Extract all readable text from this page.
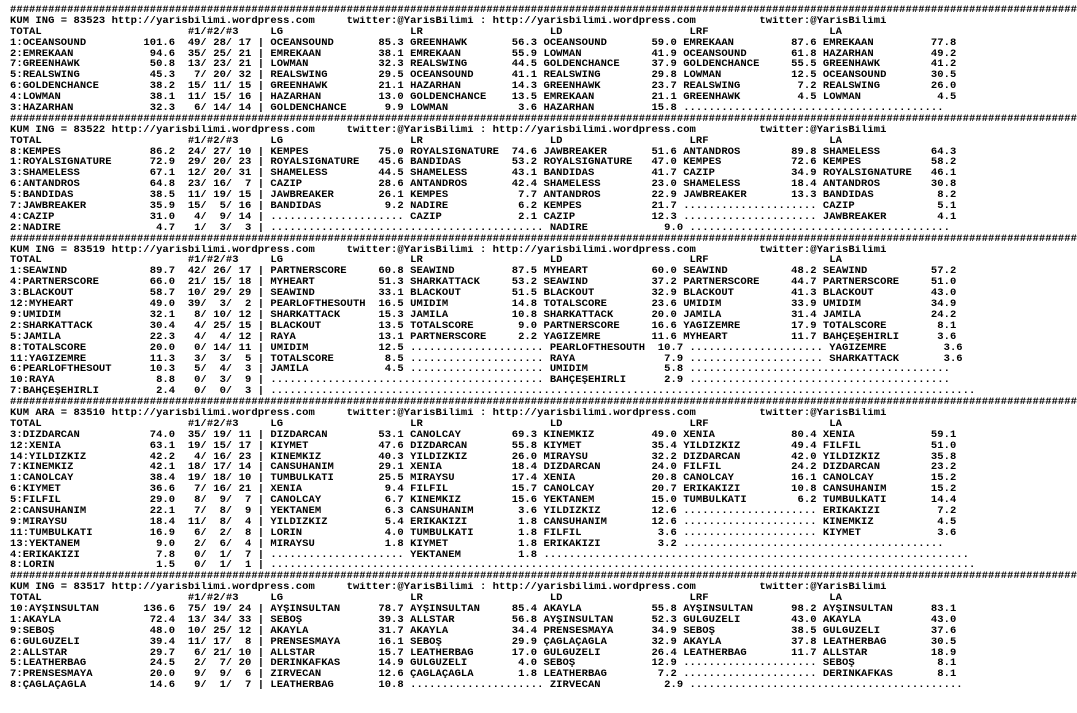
########################################################################################################################################################################
KUM ING = 83523 http://yarisbilimi.wordpress.com     twitter:@YarisBilimi : http://yarisbilimi.wordpress.com          twitter:@YarisBilimi
TOTAL                       #1/#2/#3     LG                    LR                    LD                    LRF                   LA
1:OCEANSOUND         101.6  49/ 28/ 17 | OCEANSOUND       85.3 GREENHAWK       56.3 OCEANSOUND       59.0 EMREKAAN         87.6 EMREKAAN         77.8
2:EMREKAAN            94.6  35/ 25/ 21 | EMREKAAN         38.1 EMREKAAN        55.9 LOWMAN           41.9 OCEANSOUND       61.8 HAZARHAN         49.2
7:GREENHAWK           50.8  13/ 23/ 21 | LOWMAN           32.3 REALSWING       44.5 GOLDENCHANCE     37.9 GOLDENCHANCE     55.5 GREENHAWK        41.2
5:REALSWING           45.3   7/ 20/ 32 | REALSWING        29.5 OCEANSOUND      41.1 REALSWING        29.8 LOWMAN           12.5 OCEANSOUND       30.5
6:GOLDENCHANCE        38.2  15/ 11/ 15 | GREENHAWK        21.1 HAZARHAN        14.3 GREENHAWK        23.7 REALSWING         7.2 REALSWING        26.0
4:LOWMAN              38.1  11/ 15/ 16 | HAZARHAN         13.0 GOLDENCHANCE    13.5 EMREKAAN         21.1 GREENHAWK         4.5 LOWMAN            4.5
3:HAZARHAN            32.3   6/ 14/ 14 | GOLDENCHANCE      9.9 LOWMAN           3.6 HAZARHAN         15.8 .........................................
########################################################################################################################################################################
KUM ING = 83522 http://yarisbilimi.wordpress.com     twitter:@YarisBilimi : http://yarisbilimi.wordpress.com          twitter:@YarisBilimi
TOTAL                       #1/#2/#3     LG                    LR                    LD                    LRF                   LA
8:KEMPES              86.2  24/ 27/ 10 | KEMPES           75.0 ROYALSIGNATURE  74.6 JAWBREAKER       51.6 ANTANDROS        89.8 SHAMELESS        64.3
1:ROYALSIGNATURE      72.9  29/ 20/ 23 | ROYALSIGNATURE   45.6 BANDIDAS        53.2 ROYALSIGNATURE   47.0 KEMPES           72.6 KEMPES           58.2
3:SHAMELESS           67.1  12/ 20/ 31 | SHAMELESS        44.5 SHAMELESS       43.1 BANDIDAS         41.7 CAZIP            34.9 ROYALSIGNATURE   46.1
6:ANTANDROS           64.8  23/ 16/  7 | CAZIP            28.6 ANTANDROS       42.4 SHAMELESS        23.0 SHAMELESS        18.4 ANTANDROS        30.8
5:BANDIDAS            38.5  11/ 19/ 15 | JAWBREAKER       26.1 KEMPES           7.7 ANTANDROS        22.9 JAWBREAKER       13.3 BANDIDAS          8.2
7:JAWBREAKER          35.9  15/  5/ 16 | BANDIDAS          9.2 NADİRE           6.2 KEMPES           21.7 ..................... CAZIP             5.1
4:CAZIP               31.0   4/  9/ 14 | ..................... CAZIP            2.1 CAZIP            12.3 ..................... JAWBREAKER        4.1
2:NADİRE               4.7   1/  3/  3 | ........................................... NADİRE            9.0 .........................................
########################################################################################################################################################################
KUM ING = 83519 http://yarisbilimi.wordpress.com     twitter:@YarisBilimi : http://yarisbilimi.wordpress.com          twitter:@YarisBilimi
TOTAL                       #1/#2/#3     LG                    LR                    LD                    LRF                   LA
1:SEAWIND             89.7  42/ 26/ 17 | PARTNERSCORE     60.8 SEAWIND         87.5 MYHEART          60.0 SEAWIND          48.2 SEAWIND          57.2
4:PARTNERSCORE        66.0  21/ 15/ 18 | MYHEART          51.3 SHARKATTACK     53.2 SEAWIND          37.2 PARTNERSCORE     44.7 PARTNERSCORE     51.0
3:BLACKOUT            58.7  10/ 29/ 29 | SEAWIND          33.1 BLACKOUT        51.5 BLACKOUT         32.9 BLACKOUT         41.3 BLACKOUT         43.0
12:MYHEART            49.0  39/  3/  2 | PEARLOFTHESOUTH  16.5 ÜMİDİM          14.8 TOTALSCORE       23.6 ÜMİDİM           33.9 ÜMİDİM           34.9
9:ÜMİDİM              32.1   8/ 10/ 12 | SHARKATTACK      15.3 JAMILA          10.8 SHARKATTACK      20.0 JAMILA           31.4 JAMILA           24.2
2:SHARKATTACK         30.4   4/ 25/ 15 | BLACKOUT         13.5 TOTALSCORE       9.0 PARTNERSCORE     16.6 YAĞIZEMRE        17.9 TOTALSCORE        8.1
5:JAMILA              22.3   4/  4/ 12 | RAYA             13.1 PARTNERSCORE     2.2 YAĞIZEMRE        11.6 MYHEART          11.7 BAHÇEŞEHİRLİ      3.6
8:TOTALSCORE          20.0   0/ 14/ 11 | ÜMİDİM           12.5 ..................... PEARLOFTHESOUTH  10.7 ..................... YAĞIZEMRE         3.6
11:YAĞIZEMRE          11.3   3/  3/  5 | TOTALSCORE        8.5 ..................... RAYA              7.9 ..................... SHARKATTACK       3.6
6:PEARLOFTHESOUT      10.3   5/  4/  3 | JAMILA            4.5 ..................... ÜMİDİM            5.8 .........................................
10:RAYA                8.8   0/  3/  9 | ........................................... BAHÇEŞEHİRLİ      2.9 .........................................
7:BAHÇEŞEHİRLİ         2.4   0/  0/  3 | ...............................................................................................................
########################################################################################################################################################################
KUM ARA = 83510 http://yarisbilimi.wordpress.com     twitter:@YarisBilimi : http://yarisbilimi.wordpress.com          twitter:@YarisBilimi
TOTAL                       #1/#2/#3     LG                    LR                    LD                    LRF                   LA
3:DİZDARCAN           74.0  35/ 19/ 11 | DİZDARCAN        53.1 CANOLCAY        69.3 KİNEMKIZ         49.0 XENİA            80.4 XENİA            59.1
12:XENİA              63.1  19/ 15/ 17 | KIYMET           47.6 DİZDARCAN       55.8 KIYMET           35.4 YILDIZKIZ        49.4 FİLFİL           51.0
14:YILDIZKIZ          42.2   4/ 16/ 23 | KİNEMKIZ         40.3 YILDIZKIZ       26.0 MİRAYSU          32.2 DİZDARCAN        42.0 YILDIZKIZ        35.8
7:KİNEMKIZ            42.1  18/ 17/ 14 | CANSUHANIM       29.1 XENİA           18.4 DİZDARCAN        24.0 FİLFİL           24.2 DİZDARCAN        23.2
1:CANOLCAY            38.4  19/ 18/ 10 | TUMBULKATI       25.5 MİRAYSU         17.4 XENİA            20.8 CANOLCAY         16.1 CANOLCAY         15.2
6:KIYMET              36.6   7/ 16/ 21 | XENİA             9.4 FİLFİL          15.7 CANOLCAY         20.7 ERİKAKIZI        10.8 CANSUHANIM       15.2
5:FİLFİL              29.0   8/  9/  7 | CANOLCAY          6.7 KİNEMKIZ        15.6 YEKTANEM         15.0 TUMBULKATI        6.2 TUMBULKATI       14.4
2:CANSUHANIM          22.1   7/  8/  9 | YEKTANEM          6.3 CANSUHANIM       3.6 YILDIZKIZ        12.6 ..................... ERİKAKIZI         7.2
9:MİRAYSU             18.4  11/  8/  4 | YILDIZKIZ         5.4 ERİKAKIZI        1.8 CANSUHANIM       12.6 ..................... KİNEMKIZ          4.5
11:TUMBULKATI         16.9   6/  2/  8 | LORİN             4.0 TUMBULKATI       1.8 FİLFİL            3.6 ..................... KIYMET            3.6
13:YEKTANEM            9.0   2/  6/  4 | MİRAYSU           1.8 KIYMET           1.8 ERİKAKIZI         3.2 .........................................
4:ERİKAKIZI            7.8   0/  1/  7 | ..................... YEKTANEM         1.8 ...................................................................
8:LORİN                1.5   0/  1/  1 | ...............................................................................................................
########################################################################################################################################################################
KUM ING = 83517 http://yarisbilimi.wordpress.com     twitter:@YarisBilimi : http://yarisbilimi.wordpress.com          twitter:@YarisBilimi
TOTAL                       #1/#2/#3     LG                    LR                    LD                    LRF                   LA
10:AYŞINSULTAN       136.6  75/ 19/ 24 | AYŞINSULTAN      78.7 AYŞINSULTAN     85.4 AKAYLA           55.8 AYŞINSULTAN      98.2 AYŞINSULTAN      83.1
1:AKAYLA              72.4  13/ 34/ 33 | SEBOŞ            39.3 ALLSTAR         56.8 AYŞINSULTAN      52.3 GÜLGÜZELİ        43.0 AKAYLA           43.0
9:SEBOŞ               48.0  10/ 25/ 12 | AKAYLA           31.7 AKAYLA          34.4 PRENSESMAYA      34.9 SEBOŞ            38.5 GÜLGÜZELİ        37.6
6:GÜLGÜZELİ           39.4  11/ 17/  8 | PRENSESMAYA      16.1 SEBOŞ           29.9 ÇAĞLAÇAĞLA       32.9 AKAYLA           37.8 LEATHERBAG       30.5
2:ALLSTAR             29.7   6/ 21/ 10 | ALLSTAR          15.7 LEATHERBAG      17.0 GÜLGÜZELİ        26.4 LEATHERBAG       11.7 ALLSTAR          18.9
5:LEATHERBAG          24.5   2/  7/ 20 | DERİNKAFKAS      14.9 GÜLGÜZELİ        4.0 SEBOŞ            12.9 ..................... SEBOŞ             8.1
7:PRENSESMAYA         20.0   9/  9/  6 | ZİRVECAN         12.6 ÇAĞLAÇAĞLA       1.8 LEATHERBAG        7.2 ..................... DERİNKAFKAS       8.1
8:ÇAĞLAÇAĞLA          14.6   9/  1/  7 | LEATHERBAG       10.8 ..................... ZİRVECAN          2.9 ...........................................
